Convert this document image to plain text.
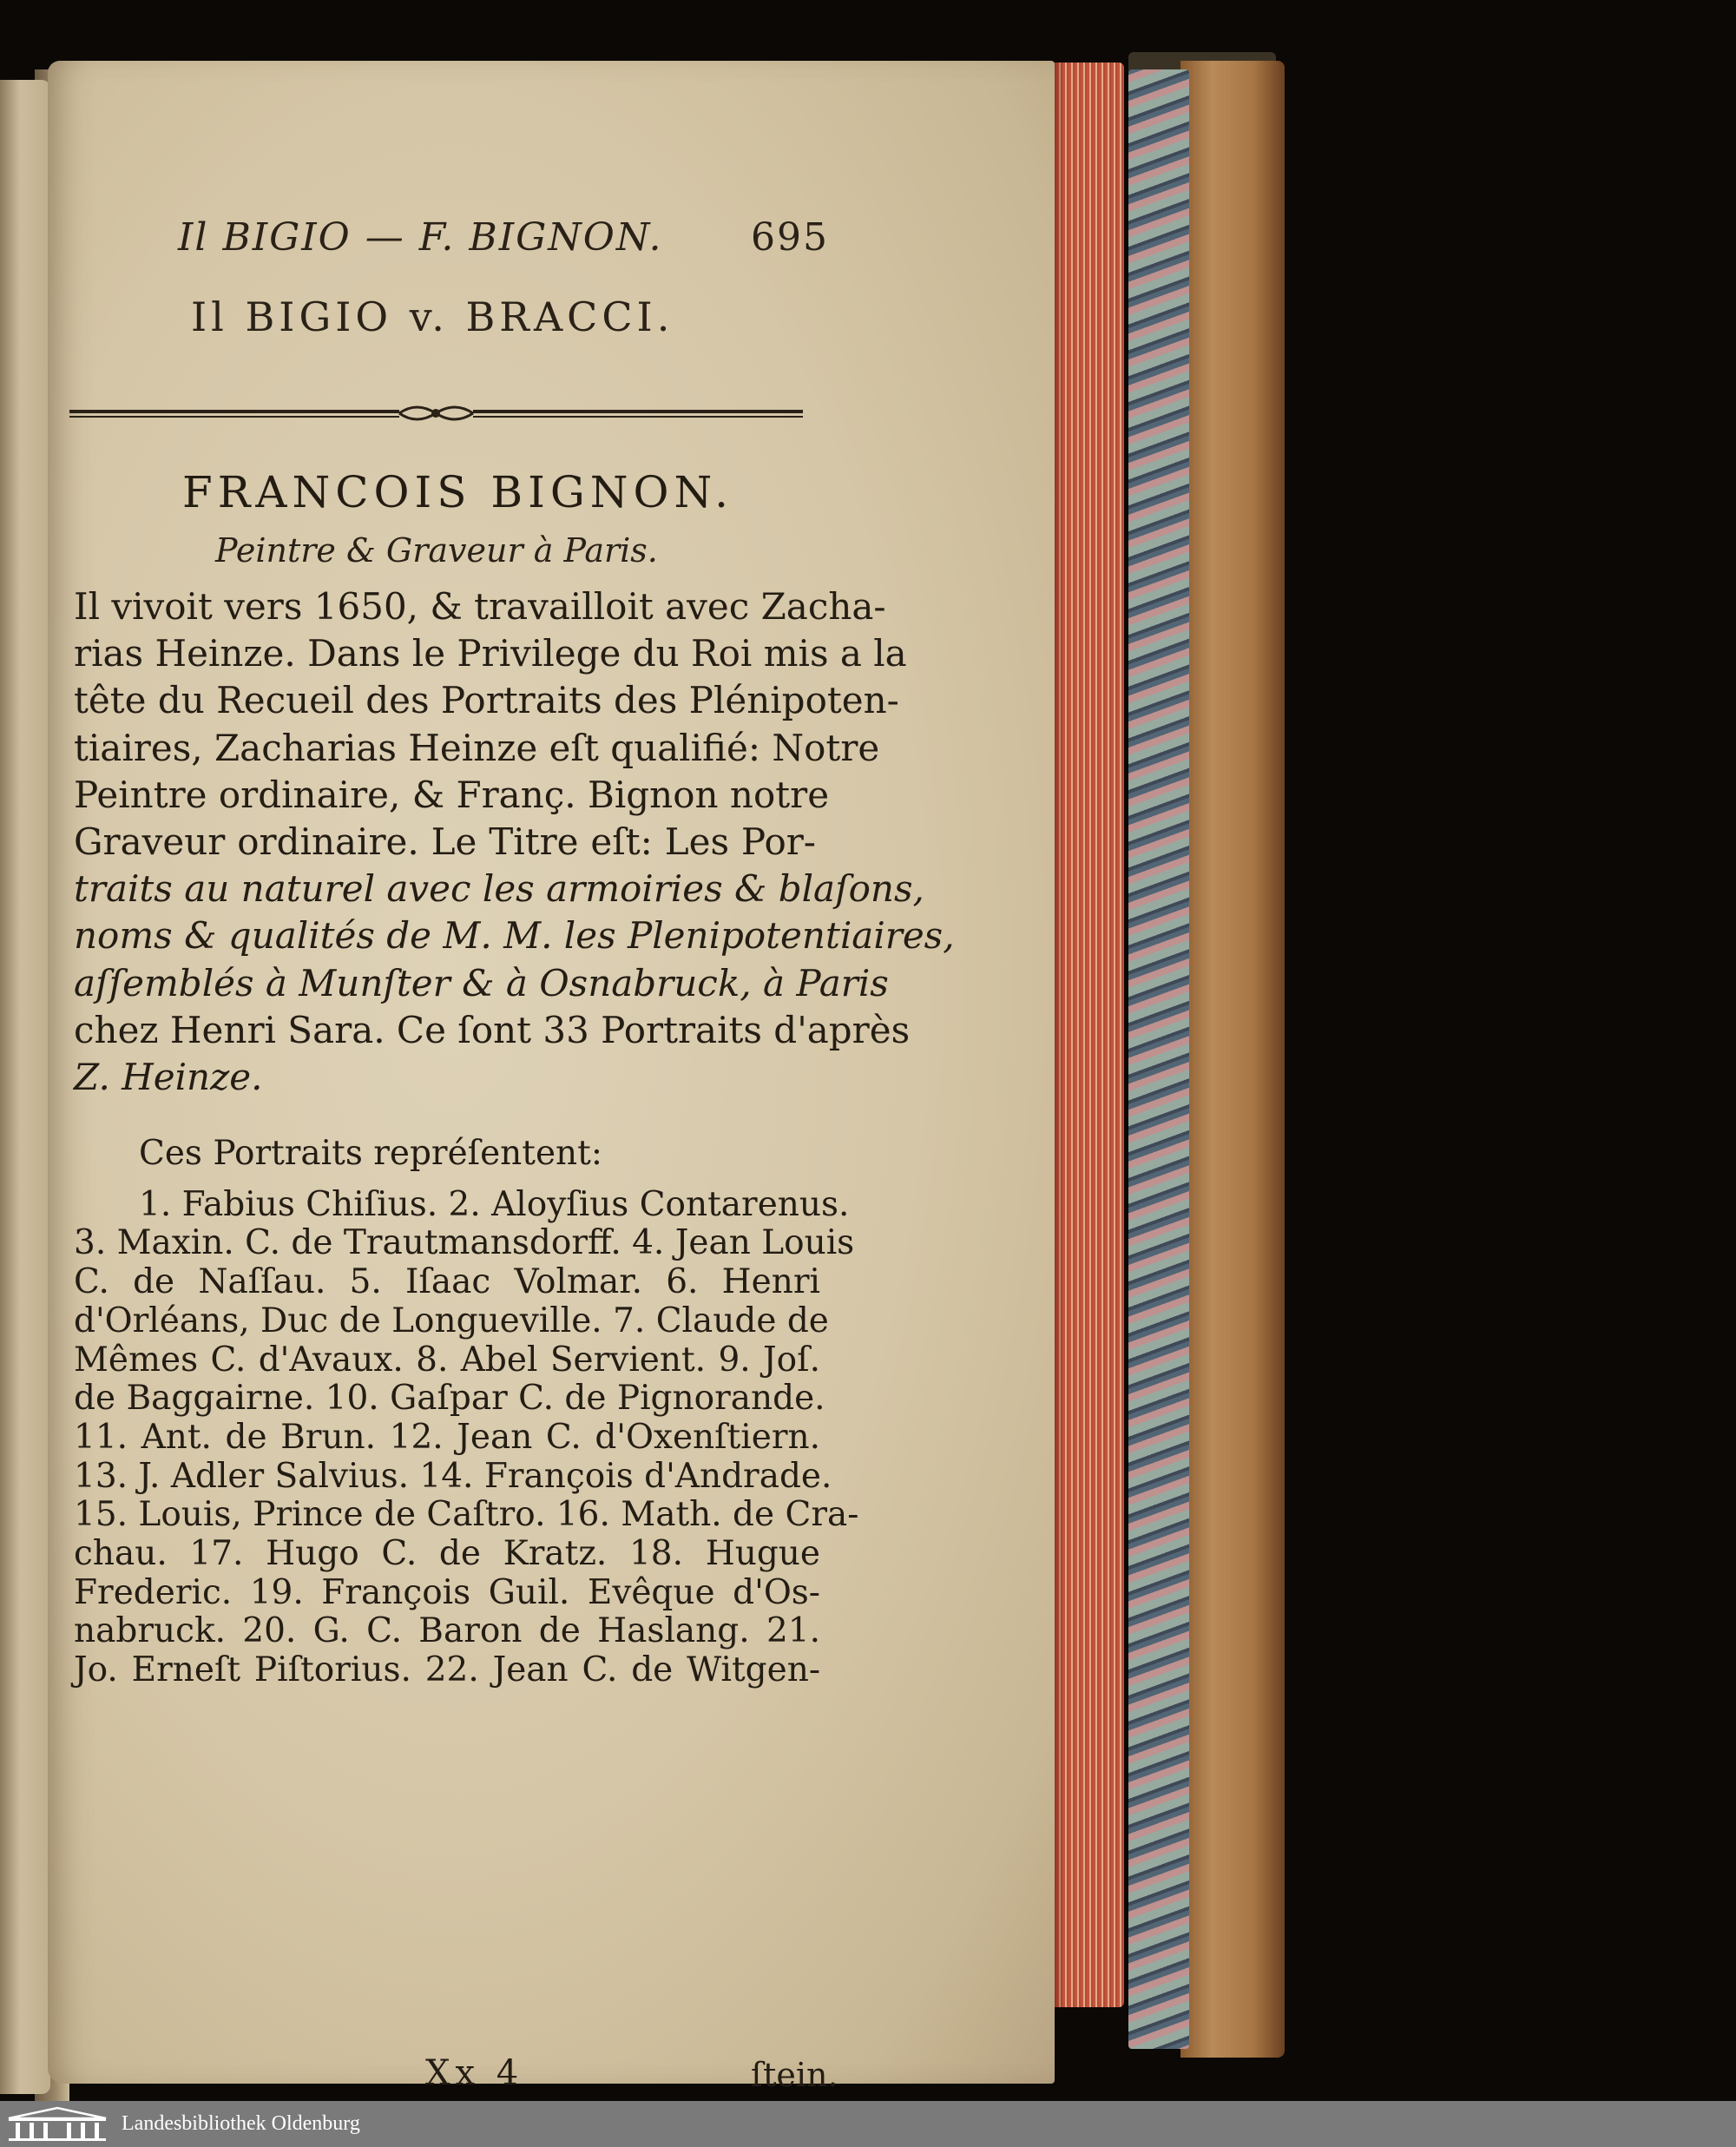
Il BIGIO — F. BIGNON. 695
Il BIGIO v. BRACCI.
FRANCOIS BIGNON.
Peintre & Graveur à Paris.
Il vivoit vers 1650, & travailloit avec Zacha-
rias Heinze. Dans le Privilege du Roi mis a la
tête du Recueil des Portraits des Plénipoten-
tiaires, Zacharias Heinze eſt qualifié: Notre
Peintre ordinaire, & Franç. Bignon notre
Graveur ordinaire. Le Titre eſt: Les Por-
traits au naturel avec les armoiries & blaſons,
noms & qualités de M. M. les Plenipotentiaires,
aſſemblés à Munſter & à Osnabruck, à Paris
chez Henri Sara. Ce ſont 33 Portraits d'après
Z. Heinze.
Ces Portraits repréſentent:
1. Fabius Chiſius. 2. Aloyſius Contarenus.
3. Maxin. C. de Trautmansdorff. 4. Jean Louis
C. de Naſſau. 5. Iſaac Volmar. 6. Henri
d'Orléans, Duc de Longueville. 7. Claude de
Mêmes C. d'Avaux. 8. Abel Servient. 9. Joſ.
de Baggairne. 10. Gaſpar C. de Pignorande.
11. Ant. de Brun. 12. Jean C. d'Oxenſtiern.
13. J. Adler Salvius. 14. François d'Andrade.
15. Louis, Prince de Caſtro. 16. Math. de Cra-
chau. 17. Hugo C. de Kratz. 18. Hugue
Frederic. 19. François Guil. Evêque d'Os-
nabruck. 20. G. C. Baron de Haslang. 21.
Jo. Erneſt Piſtorius. 22. Jean C. de Witgen-
Xx 4	ſtein.
Landesbibliothek Oldenburg
